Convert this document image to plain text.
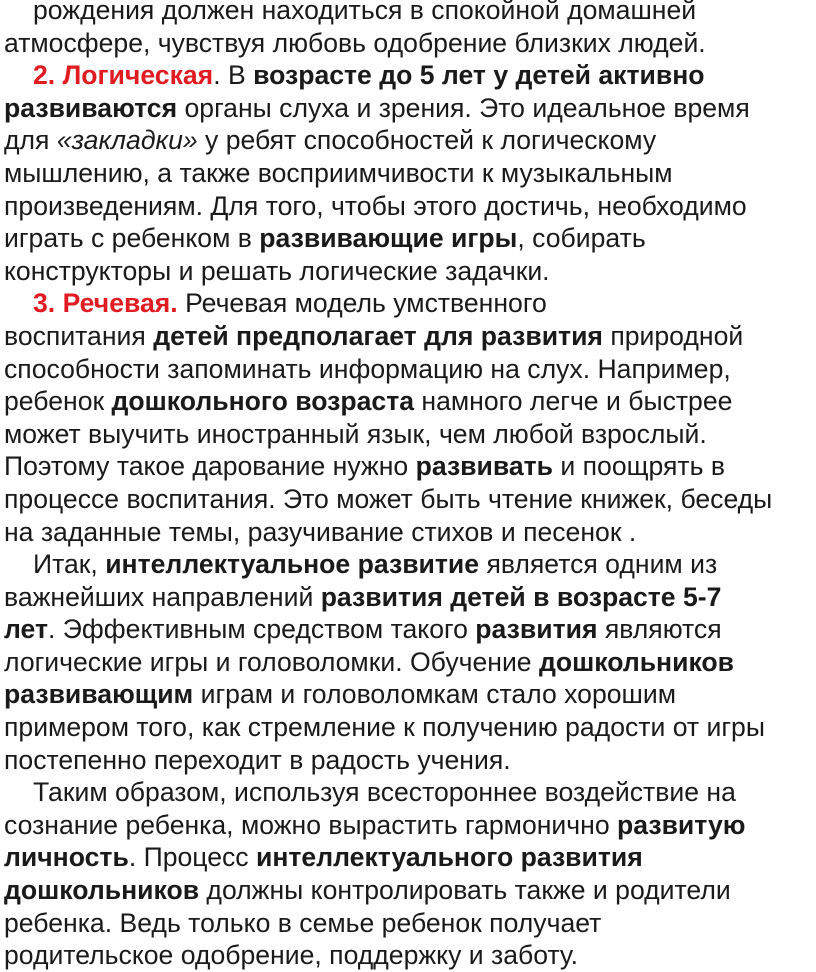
рождения должен находиться в спокойной домашней
атмосфере, чувствуя любовь одобрение близких людей.
2. Логическая. В возрасте до 5 лет у детей активно
развиваются органы слуха и зрения. Это идеальное время
для «закладки» у ребят способностей к логическому
мышлению, а также восприимчивости к музыкальным
произведениям. Для того, чтобы этого достичь, необходимо
играть с ребенком в развивающие игры, собирать
конструкторы и решать логические задачки.
3. Речевая. Речевая модель умственного
воспитания детей предполагает для развития природной
способности запоминать информацию на слух. Например,
ребенок дошкольного возраста намного легче и быстрее
может выучить иностранный язык, чем любой взрослый.
Поэтому такое дарование нужно развивать и поощрять в
процессе воспитания. Это может быть чтение книжек, беседы
на заданные темы, разучивание стихов и песенок .
Итак, интеллектуальное развитие является одним из
важнейших направлений развития детей в возрасте 5-7
лет. Эффективным средством такого развития являются
логические игры и головоломки. Обучение дошкольников
развивающим играм и головоломкам стало хорошим
примером того, как стремление к получению радости от игры
постепенно переходит в радость учения.
Таким образом, используя всестороннее воздействие на
сознание ребенка, можно вырастить гармонично развитую
личность. Процесс интеллектуального развития
дошкольников должны контролировать также и родители
ребенка. Ведь только в семье ребенок получает
родительское одобрение, поддержку и заботу.
